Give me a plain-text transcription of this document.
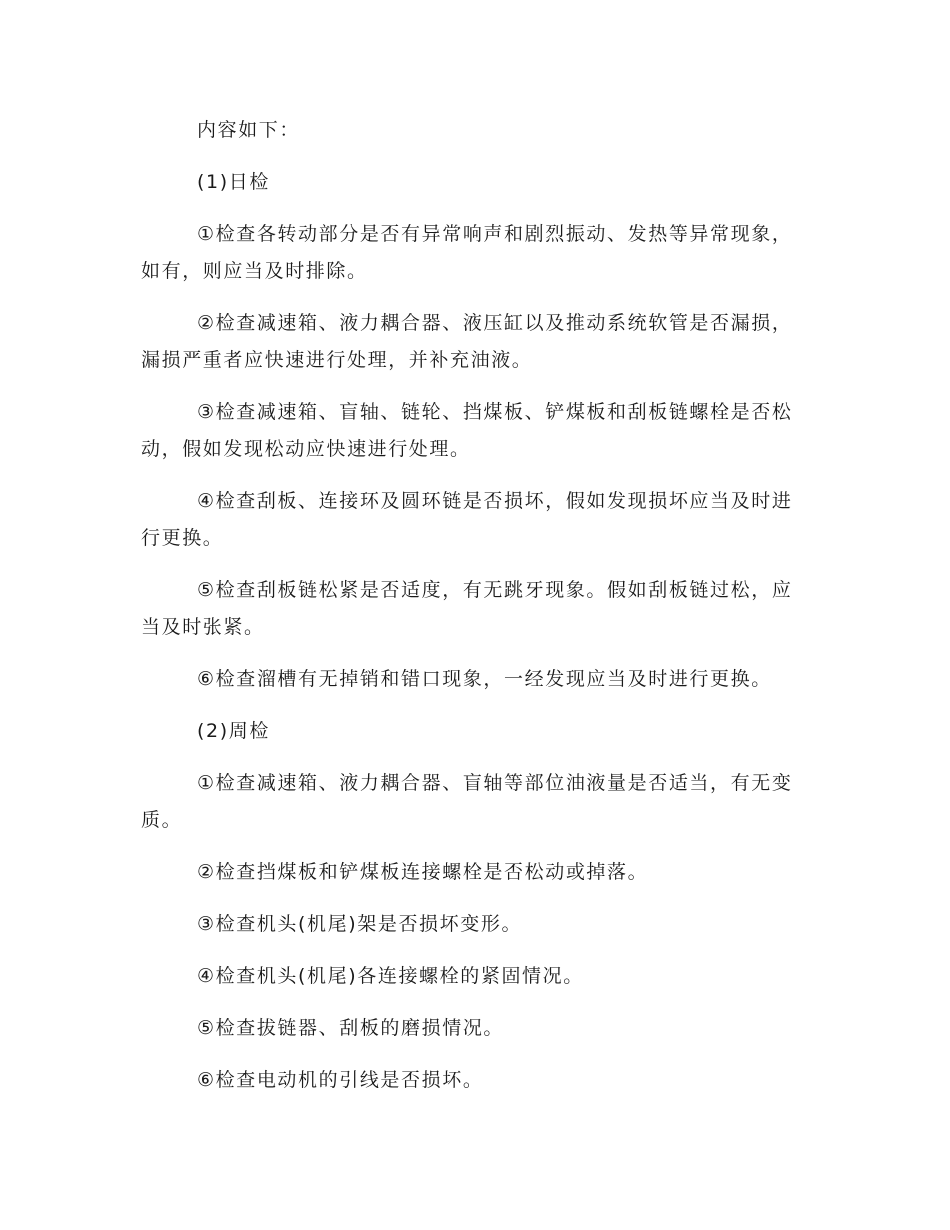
内容如下：

(1)日检

①检查各转动部分是否有异常响声和剧烈振动、发热等异常现象，如有，则应当及时排除。

②检查减速箱、液力耦合器、液压缸以及推动系统软管是否漏损，漏损严重者应快速进行处理，并补充油液。

③检查减速箱、盲轴、链轮、挡煤板、铲煤板和刮板链螺栓是否松动，假如发现松动应快速进行处理。

④检查刮板、连接环及圆环链是否损坏，假如发现损坏应当及时进行更换。

⑤检查刮板链松紧是否适度，有无跳牙现象。假如刮板链过松，应当及时张紧。

⑥检查溜槽有无掉销和错口现象，一经发现应当及时进行更换。

(2)周检

①检查减速箱、液力耦合器、盲轴等部位油液量是否适当，有无变质。

②检查挡煤板和铲煤板连接螺栓是否松动或掉落。

③检查机头(机尾)架是否损坏变形。

④检查机头(机尾)各连接螺栓的紧固情况。

⑤检查拔链器、刮板的磨损情况。

⑥检查电动机的引线是否损坏。
